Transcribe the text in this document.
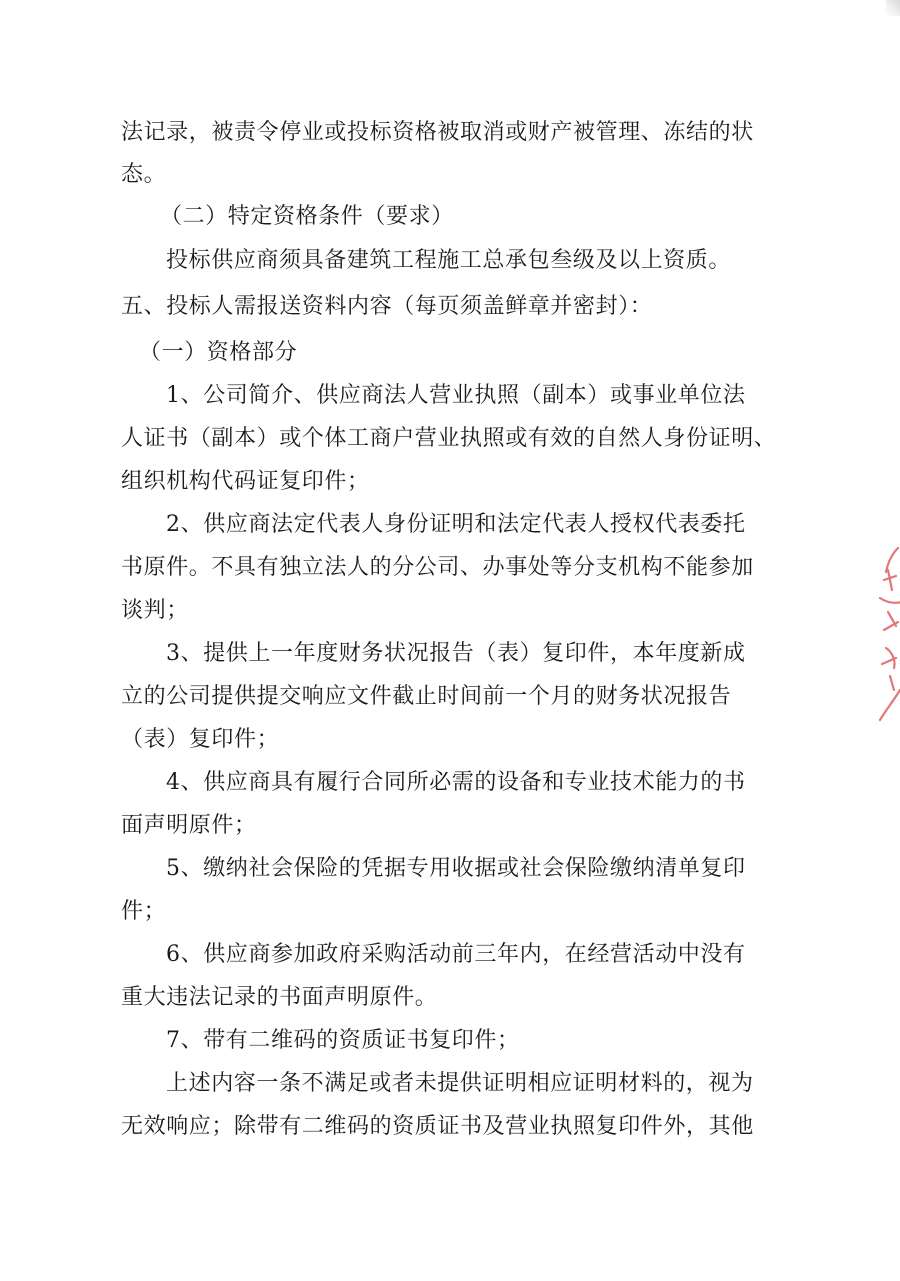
法记录，被责令停业或投标资格被取消或财产被管理、冻结的状
态。
（二）特定资格条件（要求）
投标供应商须具备建筑工程施工总承包叁级及以上资质。
五、投标人需报送资料内容（每页须盖鲜章并密封）：
（一）资格部分
1、公司简介、供应商法人营业执照（副本）或事业单位法
人证书（副本）或个体工商户营业执照或有效的自然人身份证明、
组织机构代码证复印件；
2、供应商法定代表人身份证明和法定代表人授权代表委托
书原件。不具有独立法人的分公司、办事处等分支机构不能参加
谈判；
3、提供上一年度财务状况报告（表）复印件，本年度新成
立的公司提供提交响应文件截止时间前一个月的财务状况报告
（表）复印件；
4、供应商具有履行合同所必需的设备和专业技术能力的书
面声明原件；
5、缴纳社会保险的凭据专用收据或社会保险缴纳清单复印
件；
6、供应商参加政府采购活动前三年内，在经营活动中没有
重大违法记录的书面声明原件。
7、带有二维码的资质证书复印件；
上述内容一条不满足或者未提供证明相应证明材料的，视为
无效响应；除带有二维码的资质证书及营业执照复印件外，其他
